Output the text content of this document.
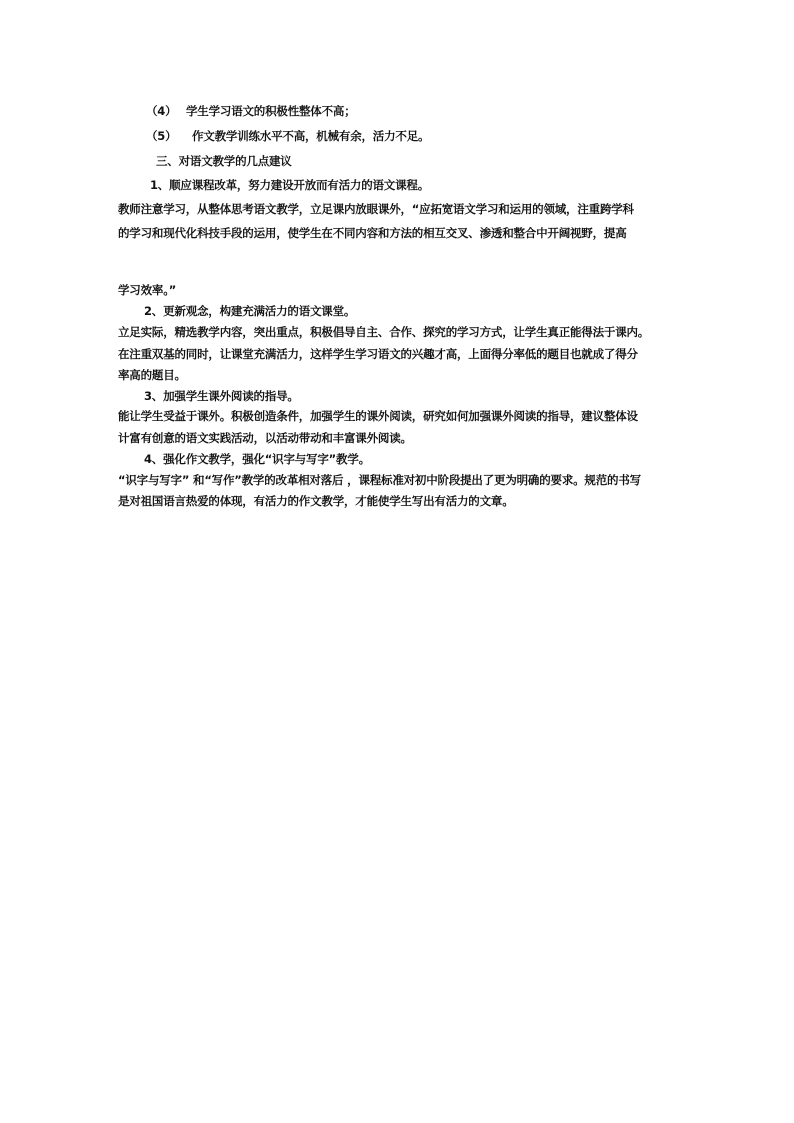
（4） 学生学习语文的积极性整体不高；
（5） 作文教学训练水平不高，机械有余，活力不足。
三、对语文教学的几点建议
1、顺应课程改革，努力建设开放而有活力的语文课程。
教师注意学习，从整体思考语文教学，立足课内放眼课外，“应拓宽语文学习和运用的领域，注重跨学科
的学习和现代化科技手段的运用，使学生在不同内容和方法的相互交叉、渗透和整合中开阔视野，提高
学习效率。”
2、更新观念，构建充满活力的语文课堂。
立足实际，精选教学内容，突出重点，积极倡导自主、合作、探究的学习方式，让学生真正能得法于课内。
在注重双基的同时，让课堂充满活力，这样学生学习语文的兴趣才高，上面得分率低的题目也就成了得分
率高的题目。
3、加强学生课外阅读的指导。
能让学生受益于课外。积极创造条件，加强学生的课外阅读，研究如何加强课外阅读的指导，建议整体设
计富有创意的语文实践活动，以活动带动和丰富课外阅读。
4、强化作文教学，强化“识字与写字”教学。
“识字与写字” 和“写作”教学的改革相对落后 ，课程标准对初中阶段提出了更为明确的要求。规范的书写
是对祖国语言热爱的体现，有活力的作文教学，才能使学生写出有活力的文章。
